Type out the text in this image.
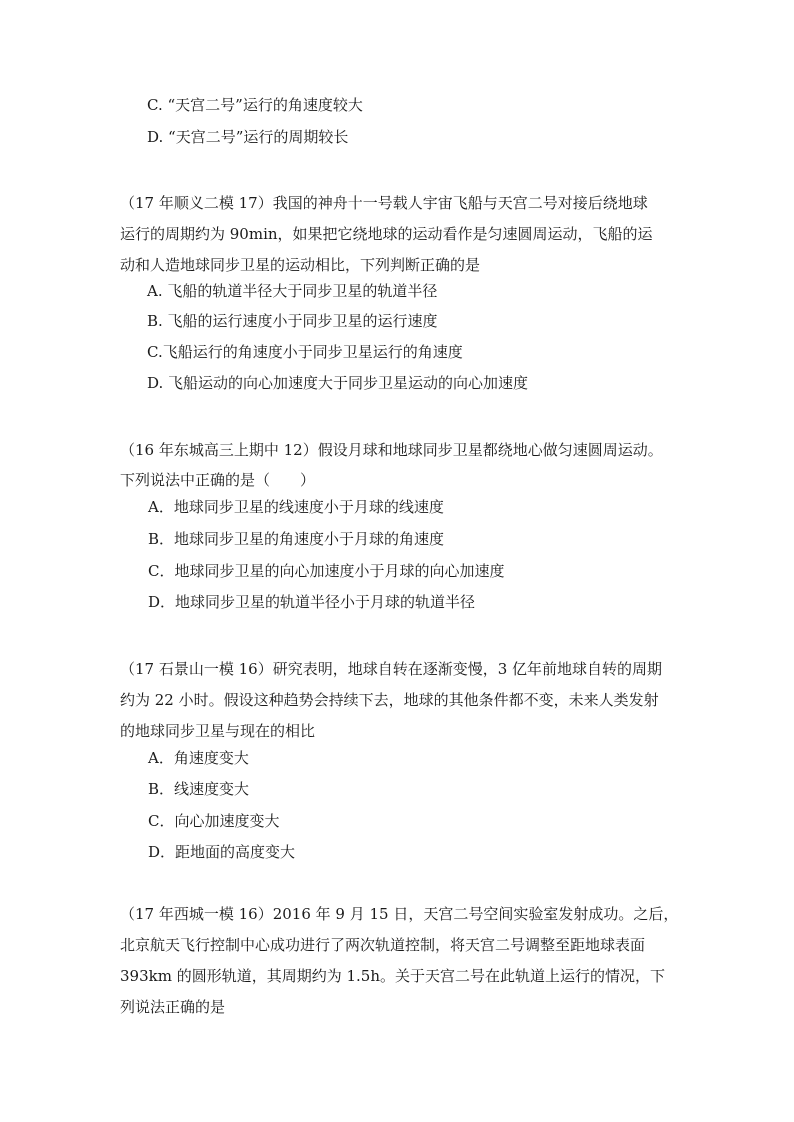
C. “天宫二号”运行的角速度较大
D. “天宫二号”运行的周期较长
（17 年顺义二模 17）我国的神舟十一号载人宇宙飞船与天宫二号对接后绕地球
运行的周期约为 90min，如果把它绕地球的运动看作是匀速圆周运动，飞船的运
动和人造地球同步卫星的运动相比，下列判断正确的是
A. 飞船的轨道半径大于同步卫星的轨道半径
B. 飞船的运行速度小于同步卫星的运行速度
C.飞船运行的角速度小于同步卫星运行的角速度
D. 飞船运动的向心加速度大于同步卫星运动的向心加速度
（16 年东城高三上期中 12）假设月球和地球同步卫星都绕地心做匀速圆周运动。
下列说法中正确的是（　　）
A．地球同步卫星的线速度小于月球的线速度
B．地球同步卫星的角速度小于月球的角速度
C．地球同步卫星的向心加速度小于月球的向心加速度
D．地球同步卫星的轨道半径小于月球的轨道半径
（17 石景山一模 16）研究表明，地球自转在逐渐变慢，3 亿年前地球自转的周期
约为 22 小时。假设这种趋势会持续下去，地球的其他条件都不变，未来人类发射
的地球同步卫星与现在的相比
A．角速度变大
B．线速度变大
C．向心加速度变大
D．距地面的高度变大
（17 年西城一模 16）2016 年 9 月 15 日，天宫二号空间实验室发射成功。之后，
北京航天飞行控制中心成功进行了两次轨道控制，将天宫二号调整至距地球表面
393km 的圆形轨道，其周期约为 1.5h。关于天宫二号在此轨道上运行的情况，下
列说法正确的是
